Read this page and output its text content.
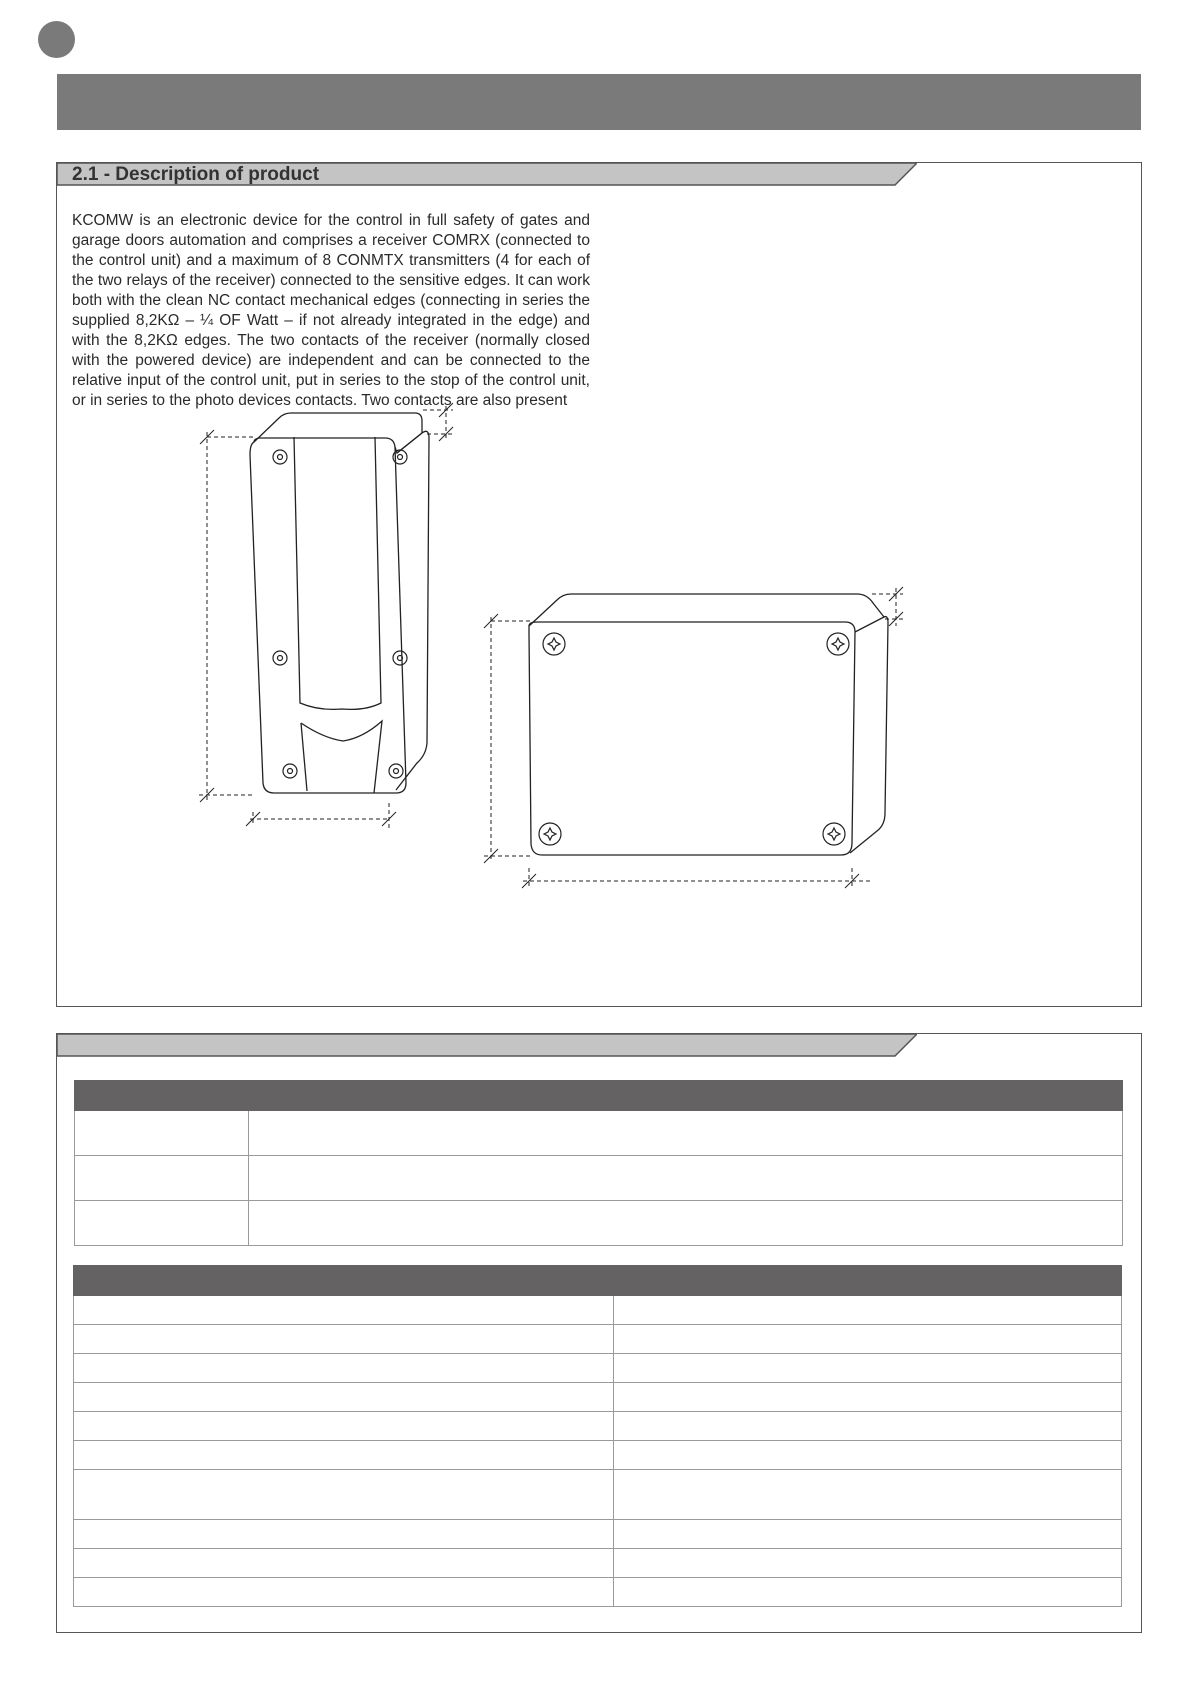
2.1 - Description of product
KCOMW is an electronic device for the control in full safety of gates and garage doors automation and comprises a receiver COMRX (connected to the control unit) and a maximum of 8 CONMTX transmitters (4 for each of the two relays of the receiver) connected to the sensitive edges. It can work both with the clean NC contact mechanical edges (connecting in series the supplied 8,2KΩ – ¼ OF Watt – if not already integrated in the edge) and with the 8,2KΩ edges. The two contacts of the receiver (normally closed with the powered device) are independent and can be connected to the relative input of the control unit, put in series to the stop of the control unit, or in series to the photo devices contacts. Two contacts are also present
